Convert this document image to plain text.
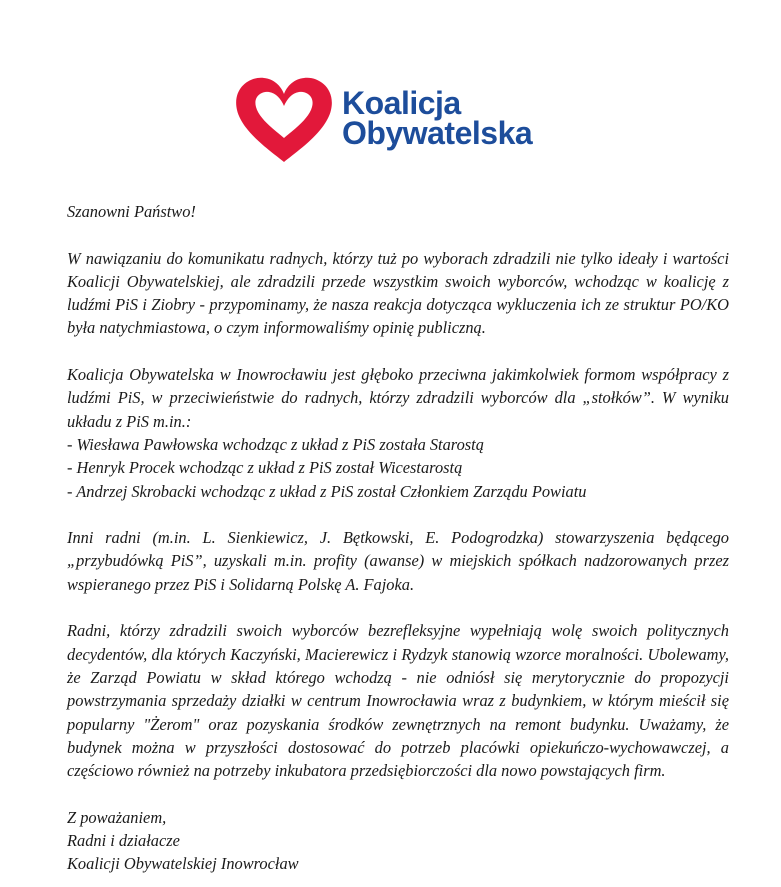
Koalicja
Obywatelska

Szanowni Państwo!

W nawiązaniu do komunikatu radnych, którzy tuż po wyborach zdradzili nie tylko ideały i wartości Koalicji Obywatelskiej, ale zdradzili przede wszystkim swoich wyborców, wchodząc w koalicję z ludźmi PiS i Ziobry - przypominamy, że nasza reakcja dotycząca wykluczenia ich ze struktur PO/KO była natychmiastowa, o czym informowaliśmy opinię publiczną.

Koalicja Obywatelska w Inowrocławiu jest głęboko przeciwna jakimkolwiek formom współpracy z ludźmi PiS, w przeciwieństwie do radnych, którzy zdradzili wyborców dla „stołków”. W wyniku układu z PiS m.in.:

- Wiesława Pawłowska wchodząc z układ z PiS została Starostą

- Henryk Procek wchodząc z układ z PiS został Wicestarostą

- Andrzej Skrobacki wchodząc z układ z PiS został Członkiem Zarządu Powiatu

Inni radni (m.in. L. Sienkiewicz, J. Bętkowski, E. Podogrodzka) stowarzyszenia będącego „przybudówką PiS”, uzyskali m.in. profity (awanse) w miejskich spółkach nadzorowanych przez wspieranego przez PiS i Solidarną Polskę A. Fajoka.

Radni, którzy zdradzili swoich wyborców bezrefleksyjne wypełniają wolę swoich politycznych decydentów, dla których Kaczyński, Macierewicz i Rydzyk stanowią wzorce moralności. Ubolewamy, że Zarząd Powiatu w skład którego wchodzą - nie odniósł się merytorycznie do propozycji powstrzymania sprzedaży działki w centrum Inowrocławia wraz z budynkiem, w którym mieścił się popularny "Żerom" oraz pozyskania środków zewnętrznych na remont budynku. Uważamy, że budynek można w przyszłości dostosować do potrzeb placówki opiekuńczo-wychowawczej, a częściowo również na potrzeby inkubatora przedsiębiorczości dla nowo powstających firm.

Z poważaniem,

Radni i działacze

Koalicji Obywatelskiej Inowrocław
